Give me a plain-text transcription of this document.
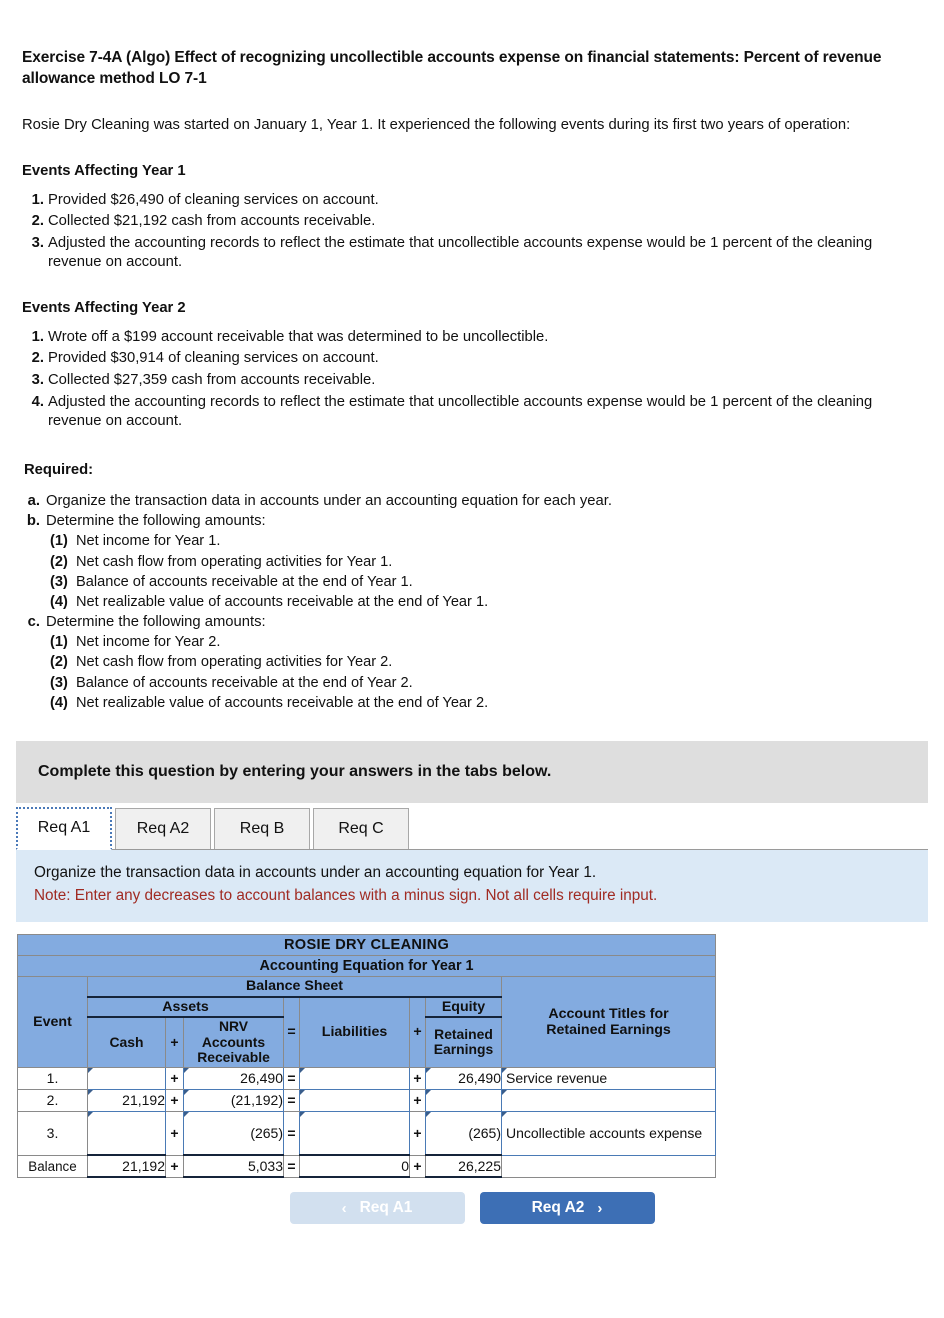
Exercise 7-4A (Algo) Effect of recognizing uncollectible accounts expense on financial statements: Percent of revenue allowance method LO 7-1
Rosie Dry Cleaning was started on January 1, Year 1. It experienced the following events during its first two years of operation:
Events Affecting Year 1
1. Provided $26,490 of cleaning services on account.
2. Collected $21,192 cash from accounts receivable.
3. Adjusted the accounting records to reflect the estimate that uncollectible accounts expense would be 1 percent of the cleaning revenue on account.
Events Affecting Year 2
1. Wrote off a $199 account receivable that was determined to be uncollectible.
2. Provided $30,914 of cleaning services on account.
3. Collected $27,359 cash from accounts receivable.
4. Adjusted the accounting records to reflect the estimate that uncollectible accounts expense would be 1 percent of the cleaning revenue on account.
Required:
a. Organize the transaction data in accounts under an accounting equation for each year.
b. Determine the following amounts:
(1) Net income for Year 1.
(2) Net cash flow from operating activities for Year 1.
(3) Balance of accounts receivable at the end of Year 1.
(4) Net realizable value of accounts receivable at the end of Year 1.
c. Determine the following amounts:
(1) Net income for Year 2.
(2) Net cash flow from operating activities for Year 2.
(3) Balance of accounts receivable at the end of Year 2.
(4) Net realizable value of accounts receivable at the end of Year 2.
Complete this question by entering your answers in the tabs below.
Req A1	Req A2	Req B	Req C
Organize the transaction data in accounts under an accounting equation for Year 1.
Note: Enter any decreases to account balances with a minus sign. Not all cells require input.
ROSIE DRY CLEANING								
Accounting Equation for Year 1								
Event	Balance Sheet							Account Titles for
Retained Earnings
	Assets			=	Liabilities	+	Equity	
	Cash	+	NRV
Accounts
Receivable				Retained
Earnings	
1.		+	26,490	=		+	26,490	Service revenue
2.	21,192	+	(21,192)	=		+		
3.		+	(265)	=		+	(265)	Uncollectible accounts expense
Balance	21,192	+	5,033	=	0	+	26,225	
‹ Req A1	Req A2 ›
